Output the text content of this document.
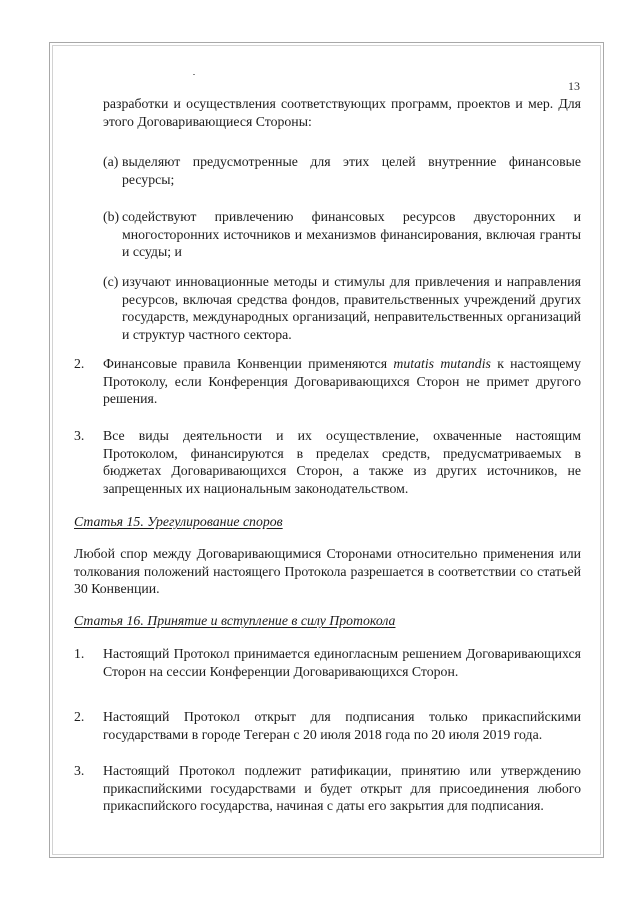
13
разработки и осуществления соответствующих программ, проектов и мер. Для этого Договаривающиеся Стороны:
(a) выделяют предусмотренные для этих целей внутренние финансовые ресурсы;
(b) содействуют привлечению финансовых ресурсов двусторонних и многосторонних источников и механизмов финансирования, включая гранты и ссуды; и
(c) изучают инновационные методы и стимулы для привлечения и направления ресурсов, включая средства фондов, правительственных учреждений других государств, международных организаций, неправительственных организаций и структур частного сектора.
2. Финансовые правила Конвенции применяются mutatis mutandis к настоящему Протоколу, если Конференция Договаривающихся Сторон не примет другого решения.
3. Все виды деятельности и их осуществление, охваченные настоящим Протоколом, финансируются в пределах средств, предусматриваемых в бюджетах Договаривающихся Сторон, а также из других источников, не запрещенных их национальным законодательством.
Статья 15. Урегулирование споров
Любой спор между Договаривающимися Сторонами относительно применения или толкования положений настоящего Протокола разрешается в соответствии со статьей 30 Конвенции.
Статья 16. Принятие и вступление в силу Протокола
1. Настоящий Протокол принимается единогласным решением Договаривающихся Сторон на сессии Конференции Договаривающихся Сторон.
2. Настоящий Протокол открыт для подписания только прикаспийскими государствами в городе Тегеран с 20 июля 2018 года по 20 июля 2019 года.
3. Настоящий Протокол подлежит ратификации, принятию или утверждению прикаспийскими государствами и будет открыт для присоединения любого прикаспийского государства, начиная с даты его закрытия для подписания.
